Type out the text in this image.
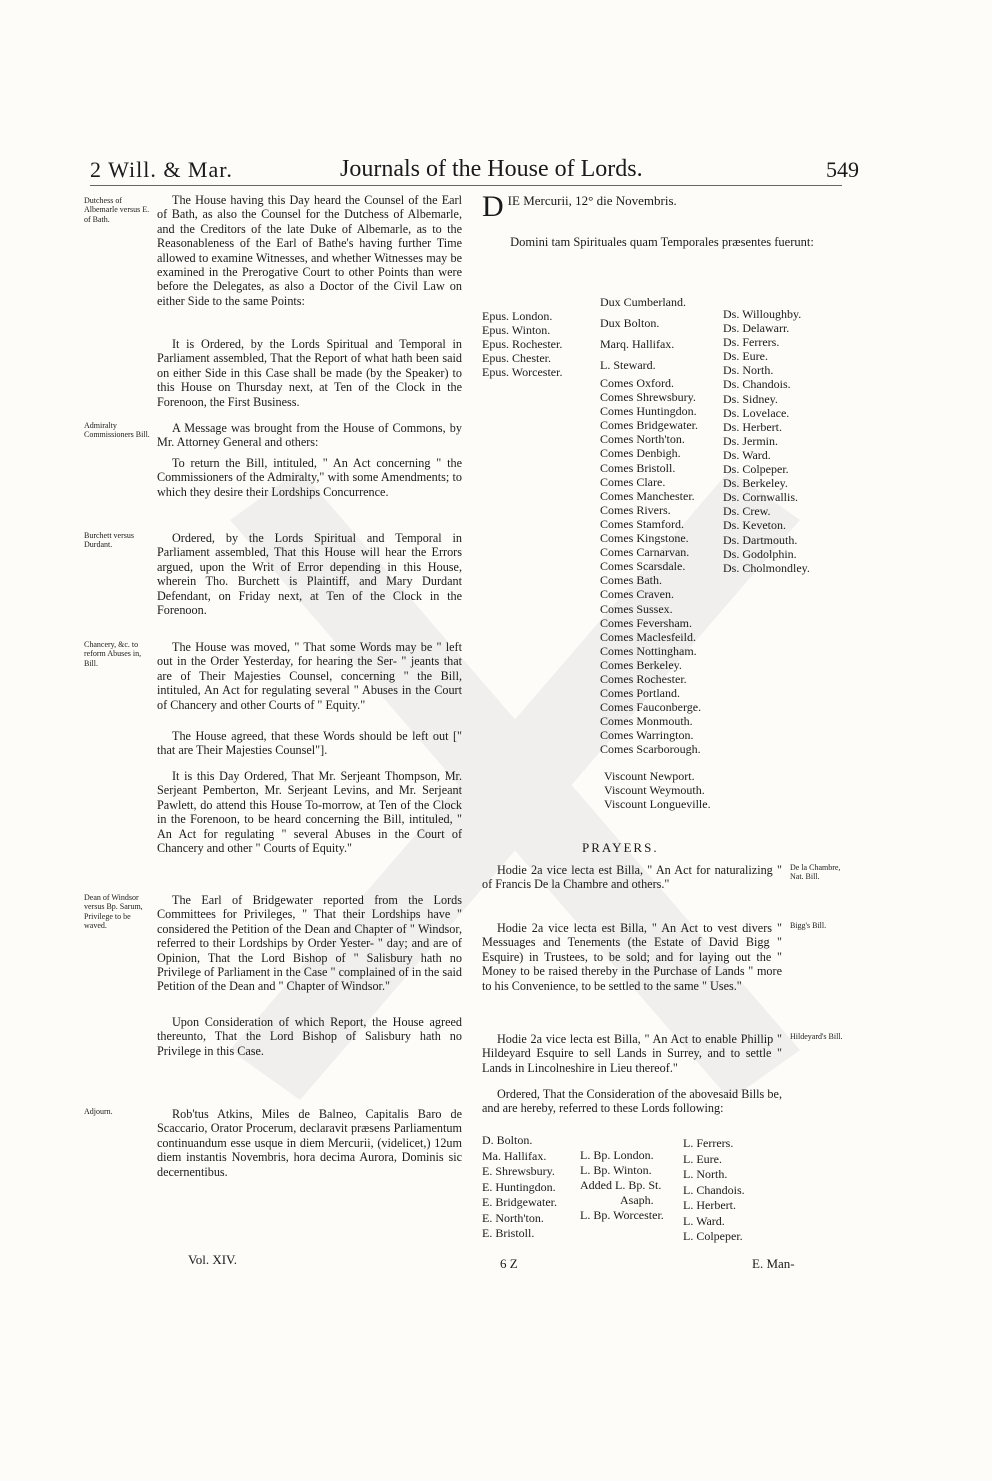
2 Will. & Mar.	Journals of the House of Lords.	549
Dutchess of Albemarle versus E. of Bath.
The House having this Day heard the Counsel of the Earl of Bath, as also the Counsel for the Dutchess of Albemarle, and the Creditors of the late Duke of Albemarle, as to the Reasonableness of the Earl of Bathe's having further Time allowed to examine Witnesses, and whether Witnesses may be examined in the Prerogative Court to other Points than were before the Delegates, as also a Doctor of the Civil Law on either Side to the same Points:
It is Ordered, by the Lords Spiritual and Temporal in Parliament assembled, That the Report of what hath been said on either Side in this Case shall be made (by the Speaker) to this House on Thursday next, at Ten of the Clock in the Forenoon, the First Business.
Admiralty Commissioners Bill.	A Message was brought from the House of Commons, by Mr. Attorney General and others:
To return the Bill, intituled, " An Act concerning " the Commissioners of the Admiralty," with some Amendments; to which they desire their Lordships Concurrence.
Burchett versus Durdant.	Ordered, by the Lords Spiritual and Temporal in Parliament assembled, That this House will hear the Errors argued, upon the Writ of Error depending in this House, wherein Tho. Burchett is Plaintiff, and Mary Durdant Defendant, on Friday next, at Ten of the Clock in the Forenoon.
Chancery, &c. to reform Abuses in, Bill.
The House was moved, " That some Words may be " left out in the Order Yesterday, for hearing the Ser- " jeants that are of Their Majesties Counsel, concerning " the Bill, intituled, An Act for regulating several " Abuses in the Court of Chancery and other Courts of " Equity."
The House agreed, that these Words should be left out [" that are Their Majesties Counsel"].
It is this Day Ordered, That Mr. Serjeant Thompson, Mr. Serjeant Pemberton, Mr. Serjeant Levins, and Mr. Serjeant Pawlett, do attend this House To-morrow, at Ten of the Clock in the Forenoon, to be heard concerning the Bill, intituled, " An Act for regulating " several Abuses in the Court of Chancery and other " Courts of Equity."
Dean of Windsor versus Bp. Sarum, Privilege to be waved.
The Earl of Bridgewater reported from the Lords Committees for Privileges, " That their Lordships have " considered the Petition of the Dean and Chapter of " Windsor, referred to their Lordships by Order Yester- " day; and are of Opinion, That the Lord Bishop of " Salisbury hath no Privilege of Parliament in the Case " complained of in the said Petition of the Dean and " Chapter of Windsor."
Upon Consideration of which Report, the House agreed thereunto, That the Lord Bishop of Salisbury hath no Privilege in this Case.
Adjourn.	Rob'tus Atkins, Miles de Balneo, Capitalis Baro de Scaccario, Orator Procerum, declaravit præsens Parliamentum continuandum esse usque in diem Mercurii, (videlicet,) 12um diem instantis Novembris, hora decima Aurora, Dominis sic decernentibus.
DIE Mercurii, 12° die Novembris.
Domini tam Spirituales quam Temporales præsentes fuerunt:
Epus. London.
Epus. Winton.
Epus. Rochester.
Epus. Chester.
Epus. Worcester.
Dux Cumberland.
Dux Bolton.
Marq. Hallifax.
L. Steward.
Comes Oxford.
Comes Shrewsbury.
Comes Huntingdon.
Comes Bridgewater.
Comes North'ton.
Comes Denbigh.
Comes Bristoll.
Comes Clare.
Comes Manchester.
Comes Rivers.
Comes Stamford.
Comes Kingstone.
Comes Carnarvan.
Comes Scarsdale.
Comes Bath.
Comes Craven.
Comes Sussex.
Comes Feversham.
Comes Maclesfeild.
Comes Nottingham.
Comes Berkeley.
Comes Rochester.
Comes Portland.
Comes Fauconberge.
Comes Monmouth.
Comes Warrington.
Comes Scarborough.
Viscount Newport.
Viscount Weymouth.
Viscount Longueville.
Ds. Willoughby.
Ds. Delawarr.
Ds. Ferrers.
Ds. Eure.
Ds. North.
Ds. Chandois.
Ds. Sidney.
Ds. Lovelace.
Ds. Herbert.
Ds. Jermin.
Ds. Ward.
Ds. Colpeper.
Ds. Berkeley.
Ds. Cornwallis.
Ds. Crew.
Ds. Keveton.
Ds. Dartmouth.
Ds. Godolphin.
Ds. Cholmondley.
PRAYERS.
Hodie 2a vice lecta est Billa, " An Act for naturalizing " of Francis De la Chambre and others."
De la Chambre, Nat. Bill.
Hodie 2a vice lecta est Billa, " An Act to vest divers " Messuages and Tenements (the Estate of David Bigg " Esquire) in Trustees, to be sold; and for laying out the " Money to be raised thereby in the Purchase of Lands " more to his Convenience, to be settled to the same " Uses."
Bigg's Bill.
Hodie 2a vice lecta est Billa, " An Act to enable Phillip " Hildeyard Esquire to sell Lands in Surrey, and to settle " Lands in Lincolneshire in Lieu thereof."
Hildeyard's Bill.
Ordered, That the Consideration of the abovesaid Bills be, and are hereby, referred to these Lords following:
D. Bolton.
Ma. Hallifax.
E. Shrewsbury.
E. Huntingdon.
E. Bridgewater.
E. North'ton.
E. Bristoll.
L. Bp. London.
L. Bp. Winton.
Added L. Bp. St.
Asaph.
L. Bp. Worcester.
L. Ferrers.
L. Eure.
L. North.
L. Chandois.
L. Herbert.
L. Ward.
L. Colpeper.
Vol. XIV.	6 Z	E. Man-
